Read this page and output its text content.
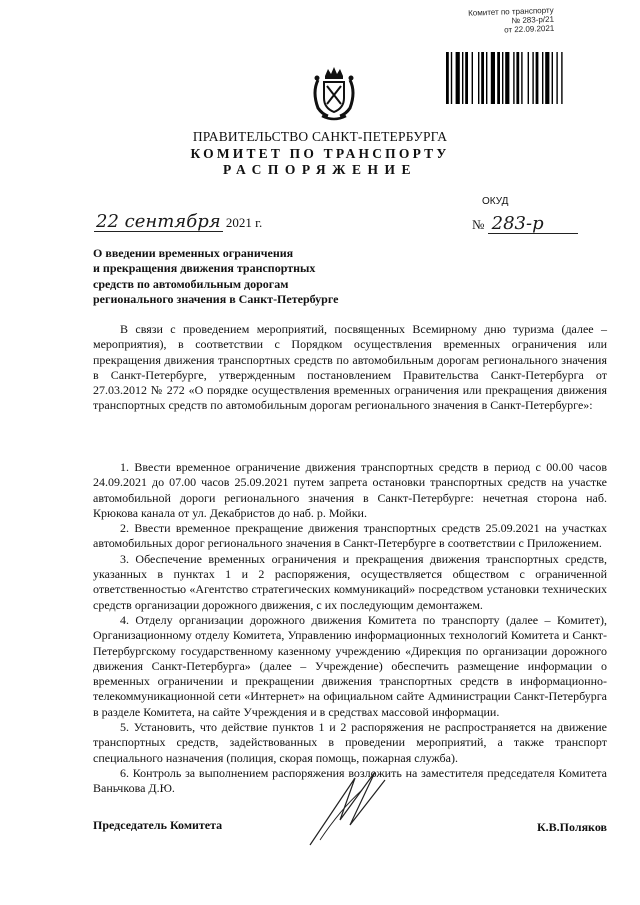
Комитет по транспорту
№ 283-р/21
от 22.09.2021
ПРАВИТЕЛЬСТВО САНКТ-ПЕТЕРБУРГА
КОМИТЕТ ПО ТРАНСПОРТУ
РАСПОРЯЖЕНИЕ
ОКУД
22 сентября 2021 г.	№ 283-р
О введении временных ограничения
и прекращения движения транспортных
средств по автомобильным дорогам
регионального значения в Санкт-Петербурге

В связи с проведением мероприятий, посвященных Всемирному дню туризма (далее – мероприятия), в соответствии с Порядком осуществления временных ограничения или прекращения движения транспортных средств по автомобильным дорогам регионального значения в Санкт-Петербурге, утвержденным постановлением Правительства Санкт-Петербурга от 27.03.2012 № 272 «О порядке осуществления временных ограничения или прекращения движения транспортных средств по автомобильным дорогам регионального значения в Санкт-Петербурге»:

1. Ввести временное ограничение движения транспортных средств в период с 00.00 часов 24.09.2021 до 07.00 часов 25.09.2021 путем запрета остановки транспортных средств на участке автомобильной дороги регионального значения в Санкт-Петербурге: нечетная сторона наб. Крюкова канала от ул. Декабристов до наб. р. Мойки.

2. Ввести временное прекращение движения транспортных средств 25.09.2021 на участках автомобильных дорог регионального значения в Санкт-Петербурге в соответствии с Приложением.

3. Обеспечение временных ограничения и прекращения движения транспортных средств, указанных в пунктах 1 и 2 распоряжения, осуществляется обществом с ограниченной ответственностью «Агентство стратегических коммуникаций» посредством установки технических средств организации дорожного движения, с их последующим демонтажем.

4. Отделу организации дорожного движения Комитета по транспорту (далее – Комитет), Организационному отделу Комитета, Управлению информационных технологий Комитета и Санкт-Петербургскому государственному казенному учреждению «Дирекция по организации дорожного движения Санкт-Петербурга» (далее – Учреждение) обеспечить размещение информации о временных ограничении и прекращении движения транспортных средств в информационно-телекоммуникационной сети «Интернет» на официальном сайте Администрации Санкт-Петербурга в разделе Комитета, на сайте Учреждения и в средствах массовой информации.

5. Установить, что действие пунктов 1 и 2 распоряжения не распространяется на движение транспортных средств, задействованных в проведении мероприятий, а также транспорт специального назначения (полиция, скорая помощь, пожарная служба).

6. Контроль за выполнением распоряжения возложить на заместителя председателя Комитета Ваньчкова Д.Ю.

Председатель Комитета	К.В.Поляков
